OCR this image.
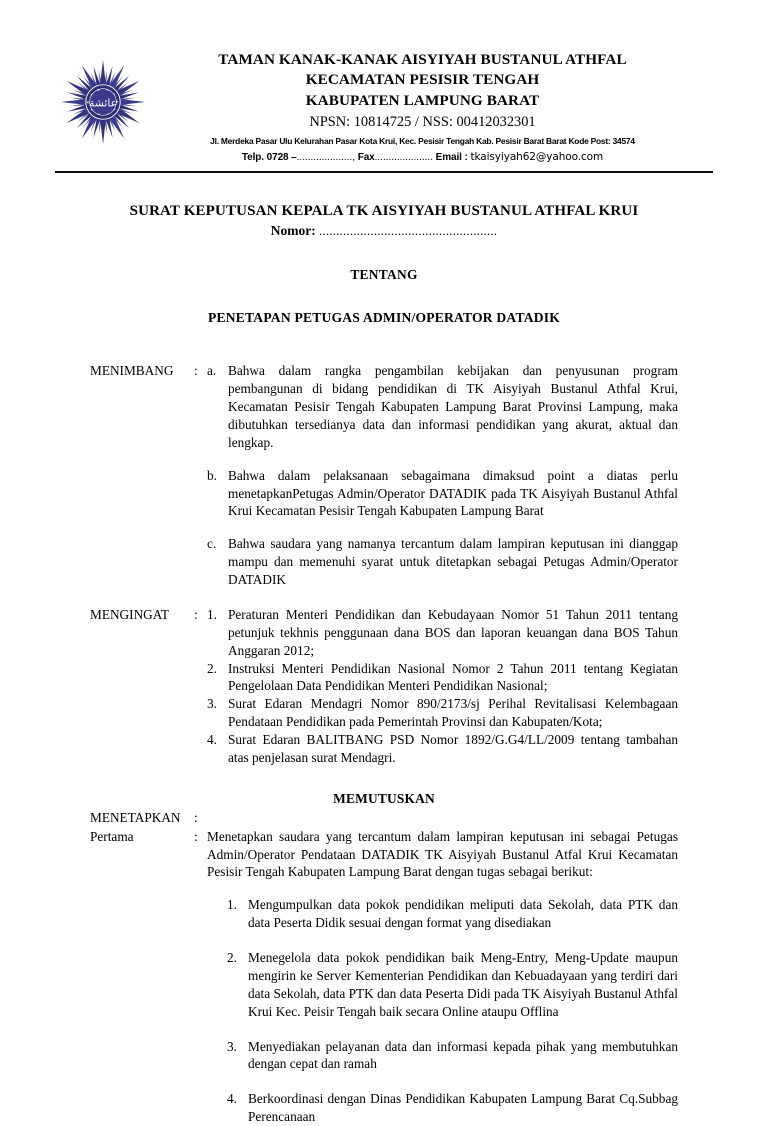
عائشة
TAMAN KANAK-KANAK AISYIYAH BUSTANUL ATHFAL
KECAMATAN PESISIR TENGAH
KABUPATEN LAMPUNG BARAT
NPSN: 10814725 / NSS: 00412032301
Jl. Merdeka Pasar Ulu Kelurahan Pasar Kota Krui, Kec. Pesisir Tengah Kab. Pesisir Barat Barat Kode Post: 34574
Telp. 0728 –...................., Fax..................... Email : tkaisyiyah62@yahoo.com
SURAT KEPUTUSAN KEPALA TK AISYIYAH BUSTANUL ATHFAL KRUI
Nomor: ....................................................
TENTANG
PENETAPAN PETUGAS ADMIN/OPERATOR DATADIK
MENIMBANG	: a. Bahwa dalam rangka pengambilan kebijakan dan penyusunan program pembangunan di bidang pendidikan di TK Aisyiyah Bustanul Athfal Krui, Kecamatan Pesisir Tengah Kabupaten Lampung Barat Provinsi Lampung, maka dibutuhkan tersedianya data dan informasi pendidikan yang akurat, aktual dan lengkap.
b. Bahwa dalam pelaksanaan sebagaimana dimaksud point a diatas perlu menetapkanPetugas Admin/Operator DATADIK pada TK Aisyiyah Bustanul Athfal Krui Kecamatan Pesisir Tengah Kabupaten Lampung Barat
c. Bahwa saudara yang namanya tercantum dalam lampiran keputusan ini dianggap mampu dan memenuhi syarat untuk ditetapkan sebagai Petugas Admin/Operator DATADIK
MENGINGAT	: 1. Peraturan Menteri Pendidikan dan Kebudayaan Nomor 51 Tahun 2011 tentang petunjuk tekhnis penggunaan dana BOS dan laporan keuangan dana BOS Tahun Anggaran 2012;
2. Instruksi Menteri Pendidikan Nasional Nomor 2 Tahun 2011 tentang Kegiatan Pengelolaan Data Pendidikan Menteri Pendidikan Nasional;
3. Surat Edaran Mendagri Nomor 890/2173/sj Perihal Revitalisasi Kelembagaan Pendataan Pendidikan pada Pemerintah Provinsi dan Kabupaten/Kota;
4. Surat Edaran BALITBANG PSD Nomor 1892/G.G4/LL/2009 tentang tambahan atas penjelasan surat Mendagri.
MEMUTUSKAN
MENETAPKAN	:
Pertama	: Menetapkan saudara yang tercantum dalam lampiran keputusan ini sebagai Petugas Admin/Operator Pendataan DATADIK TK Aisyiyah Bustanul Atfal Krui Kecamatan Pesisir Tengah Kabupaten Lampung Barat dengan tugas sebagai berikut:
1. Mengumpulkan data pokok pendidikan meliputi data Sekolah, data PTK dan data Peserta Didik sesuai dengan format yang disediakan
2. Menegelola data pokok pendidikan baik Meng-Entry, Meng-Update maupun mengirin ke Server Kementerian Pendidikan dan Kebuadayaan yang terdiri dari data Sekolah, data PTK dan data Peserta Didi pada TK Aisyiyah Bustanul Athfal Krui Kec. Peisir Tengah baik secara Online ataupu Offlina
3. Menyediakan pelayanan data dan informasi kepada pihak yang membutuhkan dengan cepat dan ramah
4. Berkoordinasi dengan Dinas Pendidikan Kabupaten Lampung Barat Cq.Subbag Perencanaan
